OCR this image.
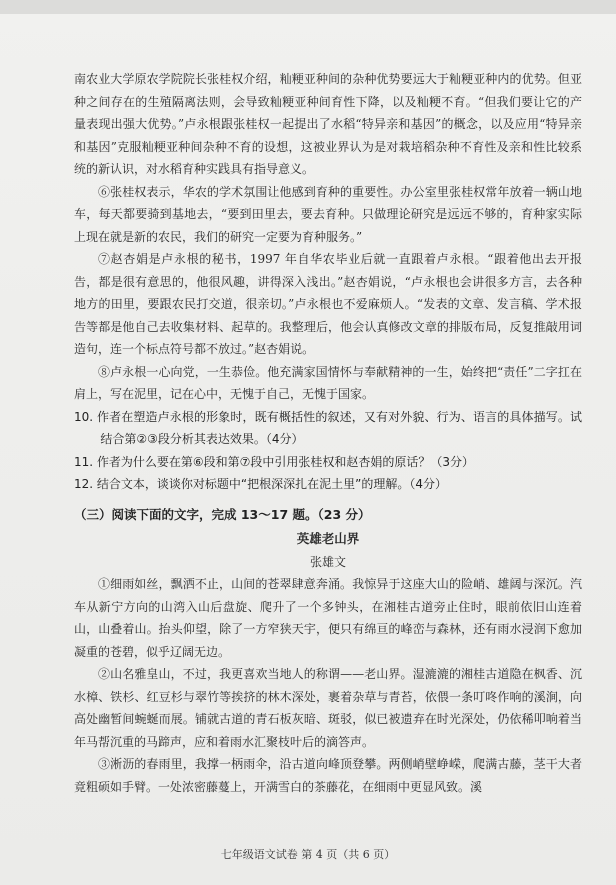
南农业大学原农学院院长张桂权介绍，籼粳亚种间的杂种优势要远大于籼粳亚种内的优势。但亚种之间存在的生殖隔离法则，会导致籼粳亚种间育性下降，以及籼粳不育。“但我们要让它的产量表现出强大优势。”卢永根跟张桂权一起提出了水稻“特异亲和基因”的概念，以及应用“特异亲和基因”克服籼粳亚种间杂种不育的设想，这被业界认为是对栽培稻杂种不育性及亲和性比较系统的新认识，对水稻育种实践具有指导意义。

⑥张桂权表示，华农的学术氛围让他感到育种的重要性。办公室里张桂权常年放着一辆山地车，每天都要骑到基地去，“要到田里去，要去育种。只做理论研究是远远不够的，育种家实际上现在就是新的农民，我们的研究一定要为育种服务。”

⑦赵杏娟是卢永根的秘书，1997 年自华农毕业后就一直跟着卢永根。“跟着他出去开报告，都是很有意思的，他很风趣，讲得深入浅出。”赵杏娟说，“卢永根也会讲很多方言，去各种地方的田里，要跟农民打交道，很亲切。”卢永根也不爱麻烦人。“发表的文章、发言稿、学术报告等都是他自己去收集材料、起草的。我整理后，他会认真修改文章的排版布局，反复推敲用词造句，连一个标点符号都不放过。”赵杏娟说。

⑧卢永根一心向党，一生恭俭。他充满家国情怀与奉献精神的一生，始终把“责任”二字扛在肩上，写在泥里，记在心中，无愧于自己，无愧于国家。

10. 作者在塑造卢永根的形象时，既有概括性的叙述，又有对外貌、行为、语言的具体描写。试结合第②③段分析其表达效果。（4分）

11. 作者为什么要在第⑥段和第⑦段中引用张桂权和赵杏娟的原话？（3分）

12. 结合文本，谈谈你对标题中“把根深深扎在泥土里”的理解。（4分）

（三）阅读下面的文字，完成 13～17 题。（23 分）

英雄老山界

张雄文

①细雨如丝，飘洒不止，山间的苍翠肆意奔涌。我惊异于这座大山的险峭、雄阔与深沉。汽车从新宁方向的山湾入山后盘旋、爬升了一个多钟头，在湘桂古道旁止住时，眼前依旧山连着山，山叠着山。抬头仰望，除了一方窄狭天宇，便只有绵亘的峰峦与森林，还有雨水浸润下愈加凝重的苍碧，似乎辽阔无边。

②山名雅皇山，不过，我更喜欢当地人的称谓——老山界。湿漉漉的湘桂古道隐在枫香、沉水樟、铁杉、红豆杉与翠竹等挨挤的林木深处，裹着杂草与青苔，依偎一条叮咚作响的溪涧，向高处幽暂间蜿蜒而展。铺就古道的青石板灰暗、斑驳，似已被遗弃在时光深处，仍依稀叩响着当年马帮沉重的马蹄声，应和着雨水汇聚枝叶后的滴答声。

③淅沥的春雨里，我撑一柄雨伞，沿古道向峰顶登攀。两侧峭壁峥嵘，爬满古藤，茎干大者竟粗硕如手臂。一处浓密藤蔓上，开满雪白的茶藤花，在细雨中更显风致。溪

七年级语文试卷 第 4 页（共 6 页）
